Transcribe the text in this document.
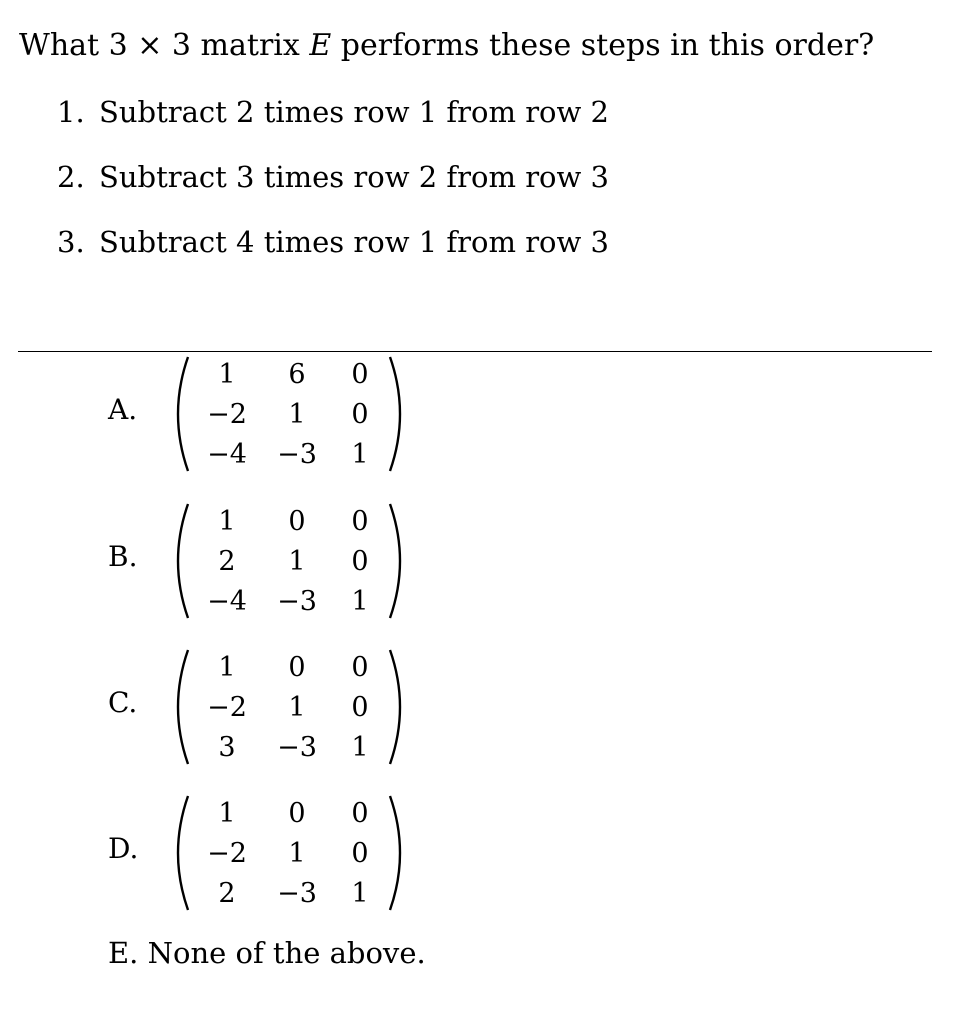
What 3 × 3 matrix E performs these steps in this order?
1. Subtract 2 times row 1 from row 2
2. Subtract 3 times row 2 from row 3
3. Subtract 4 times row 1 from row 3
A.
1	6	0
−2	1	0
−4	−3	1
B.
1	0	0
2	1	0
−4	−3	1
C.
1	0	0
−2	1	0
3	−3	1
D.
1	0	0
−2	1	0
2	−3	1
E. None of the above.
